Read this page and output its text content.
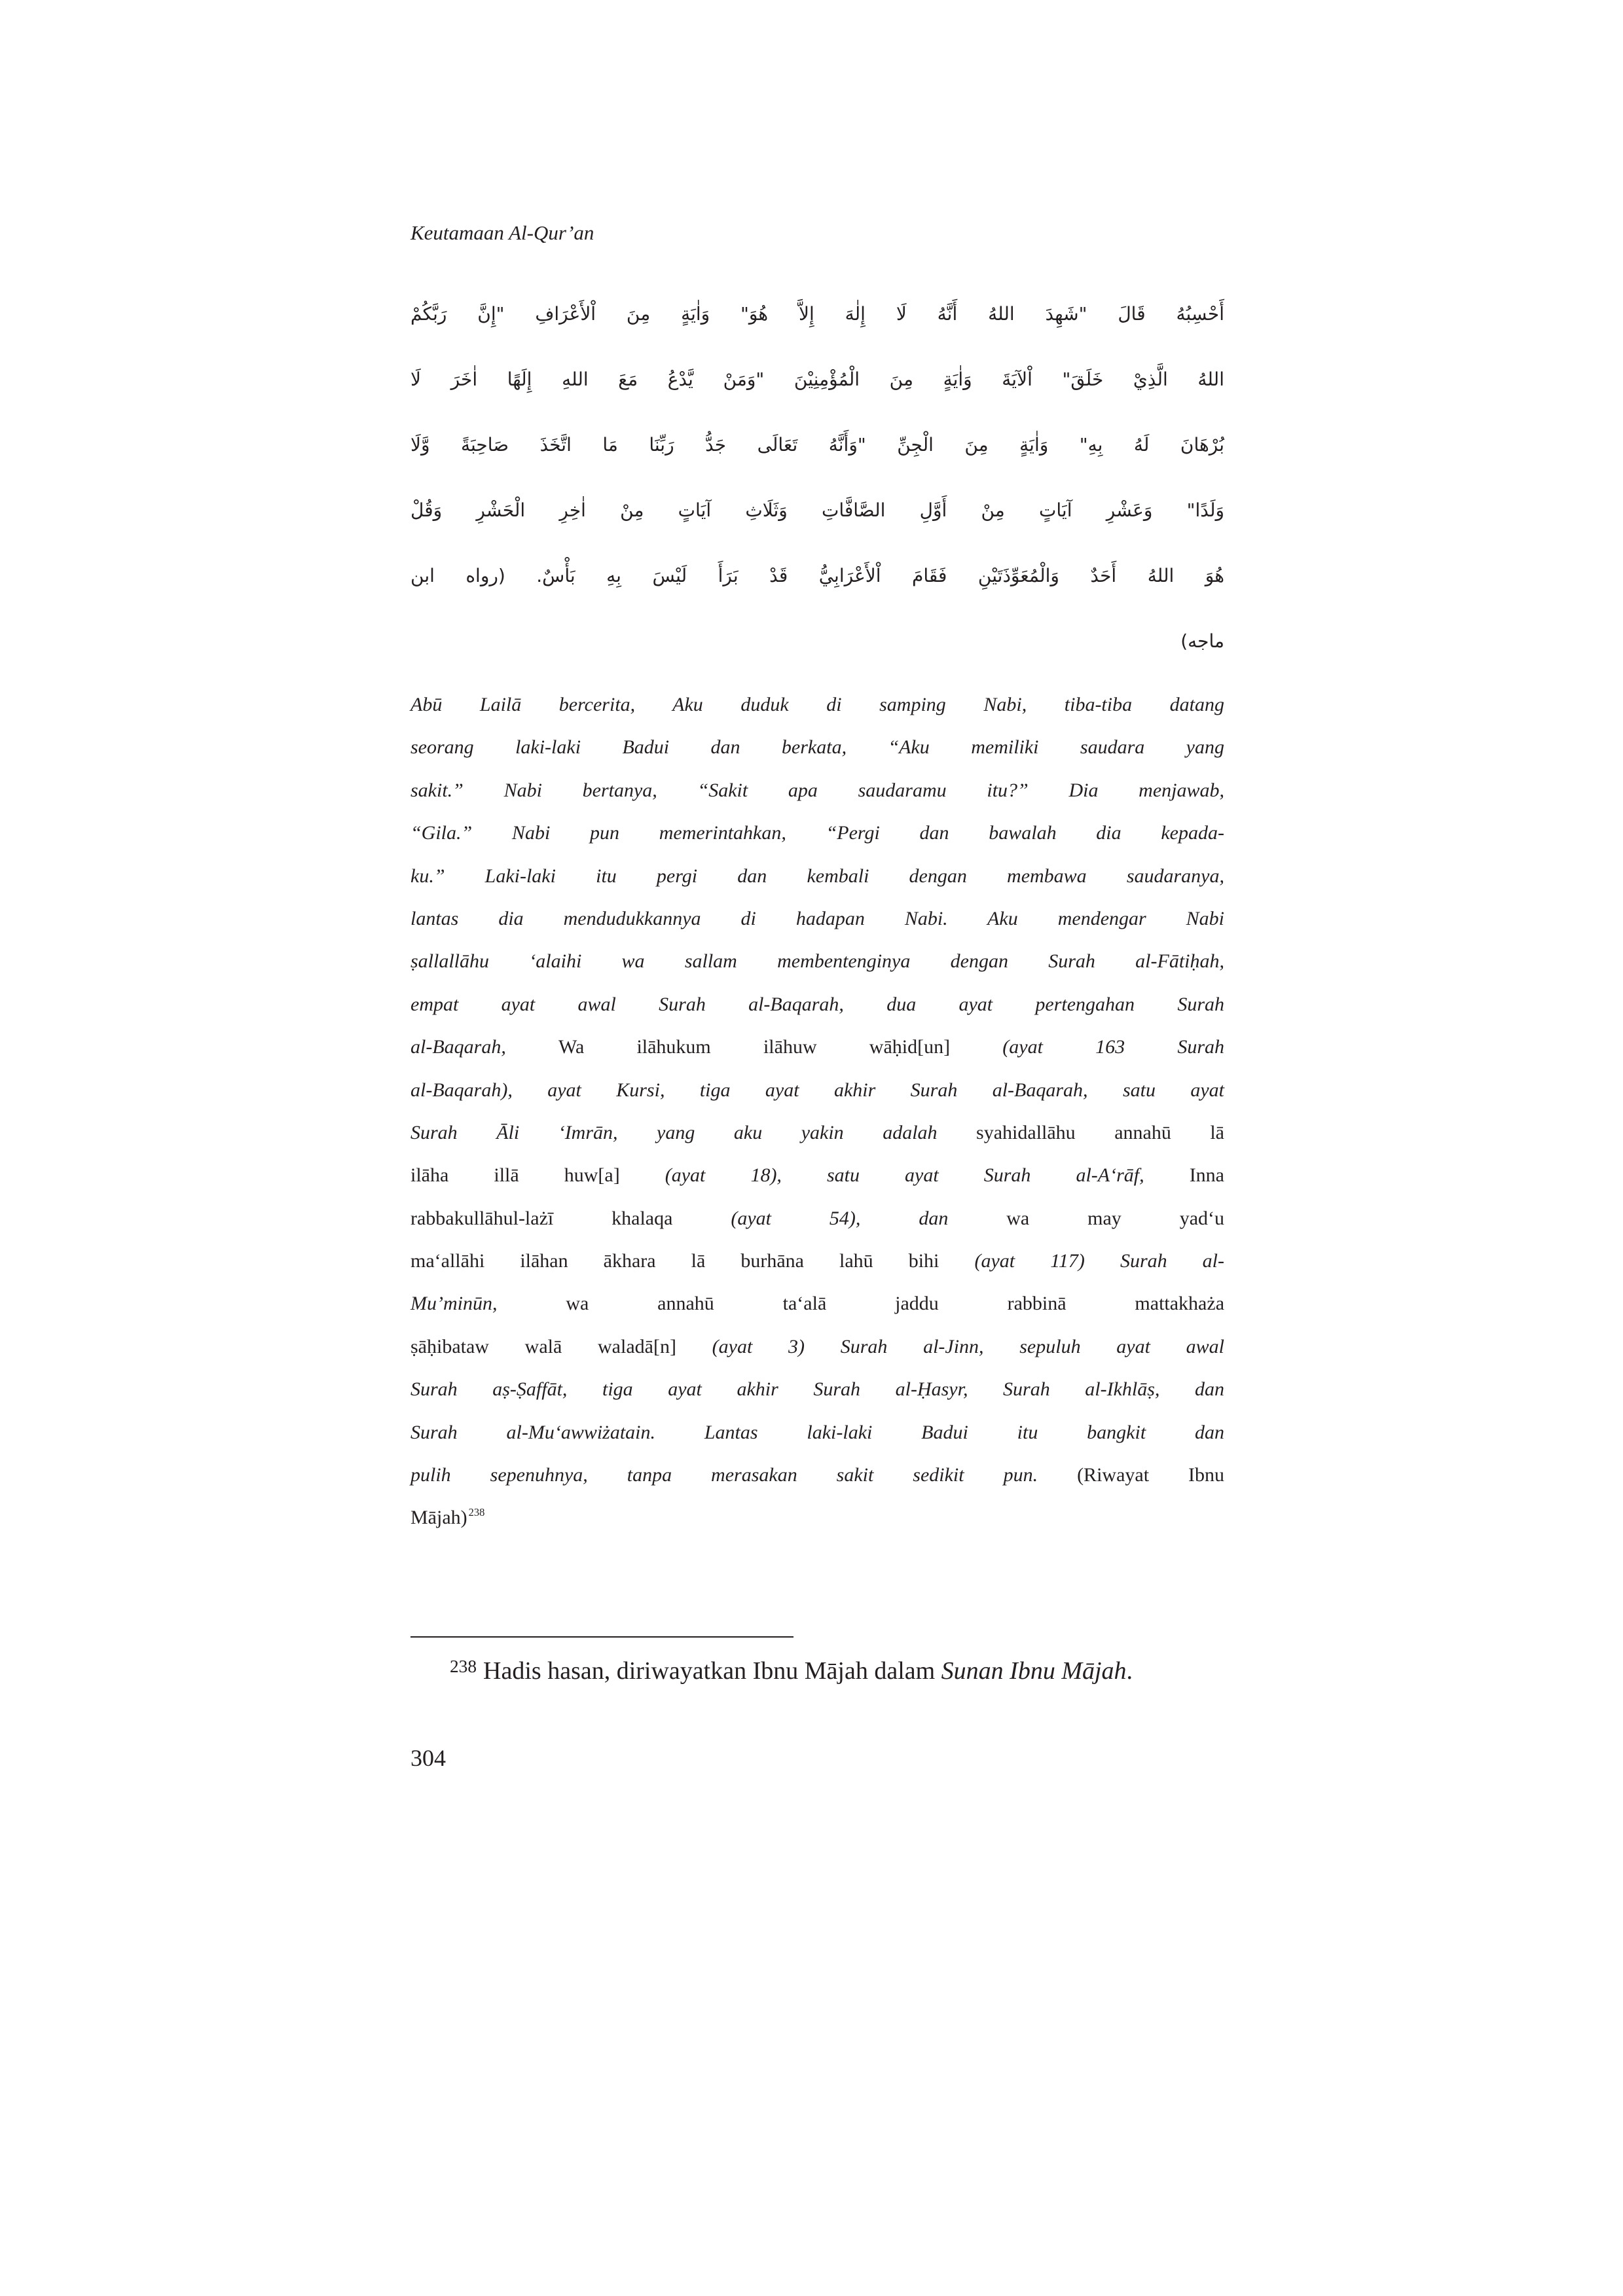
Keutamaan Al-Qur’an
أَحْسِبُهُ قَالَ "شَهِدَ اللهُ أَنَّهُ لَا إِلٰهَ إِلاَّ هُوَ" وَاٰيَةٍ مِنَ اْلأَعْرَافِ "إِنَّ رَبَّكُمْ
اللهُ الَّذِيْ خَلَقَ" اْلآيَةَ وَاٰيَةٍ مِنَ الْمُؤْمِنِيْنَ "وَمَنْ يَّدْعُ مَعَ اللهِ إِلَهًا اٰخَرَ لَا
بُرْهَانَ لَهُ بِهِ" وَاٰيَةٍ مِنَ الْجِنِّ "وَأَنَّهُ تَعَالَى جَدُّ رَبِّنَا مَا اتَّخَذَ صَاحِبَةً وَّلَا
وَلَدًا" وَعَشْرِ آيَاتٍ مِنْ أَوَّلِ الصَّافَّاتِ وَثَلَاثِ آيَاتٍ مِنْ اٰخِرِ الْحَشْرِ وَقُلْ
هُوَ اللهُ أَحَدٌ وَالْمُعَوِّذَتَيْنِ فَقَامَ اْلأَعْرَابِيُّ قَدْ بَرَأَ لَيْسَ بِهِ بَأْسٌ. (رواه ابن
ماجه)
Abū Lailā bercerita, Aku duduk di samping Nabi, tiba-tiba datang
seorang laki-laki Badui dan berkata, “Aku memiliki saudara yang
sakit.” Nabi bertanya, “Sakit apa saudaramu itu?” Dia menjawab,
“Gila.” Nabi pun memerintahkan, “Pergi dan bawalah dia kepada-
ku.” Laki-laki itu pergi dan kembali dengan membawa saudaranya,
lantas dia mendudukkannya di hadapan Nabi. Aku mendengar Nabi
ṣallallāhu ‘alaihi wa sallam membentenginya dengan Surah al-Fātiḥah,
empat ayat awal Surah al-Baqarah, dua ayat pertengahan Surah
al-Baqarah, Wa ilāhukum ilāhuw wāḥid[un] (ayat 163 Surah
al-Baqarah), ayat Kursi, tiga ayat akhir Surah al-Baqarah, satu ayat
Surah Āli ‘Imrān, yang aku yakin adalah syahidallāhu annahū lā
ilāha illā huw[a] (ayat 18), satu ayat Surah al-A‘rāf, Inna
rabbakullāhul-lażī khalaqa (ayat 54), dan wa may yad‘u
ma‘allāhi ilāhan ākhara lā burhāna lahū bihi (ayat 117) Surah al-
Mu’minūn, wa annahū ta‘alā jaddu rabbinā mattakhaża
ṣāḥibataw walā waladā[n] (ayat 3) Surah al-Jinn, sepuluh ayat awal
Surah aṣ-Ṣaffāt, tiga ayat akhir Surah al-Ḥasyr, Surah al-Ikhlāṣ, dan
Surah al-Mu‘awwiżatain. Lantas laki-laki Badui itu bangkit dan
pulih sepenuhnya, tanpa merasakan sakit sedikit pun. (Riwayat Ibnu
Mājah) $^{238}$
$^{238}$ Hadis hasan, diriwayatkan Ibnu Mājah dalam Sunan Ibnu Mājah.
304
